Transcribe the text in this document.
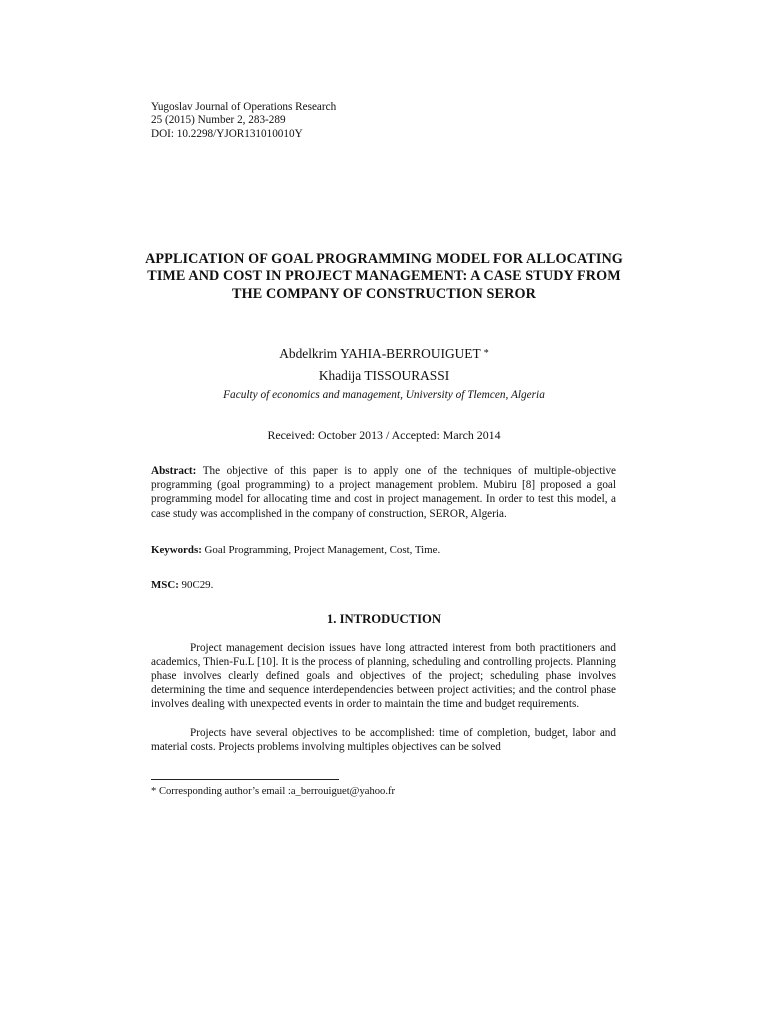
Yugoslav Journal of Operations Research
25 (2015) Number 2, 283-289
DOI: 10.2298/YJOR131010010Y
APPLICATION OF GOAL PROGRAMMING MODEL FOR ALLOCATING TIME AND COST IN PROJECT MANAGEMENT: A CASE STUDY FROM THE COMPANY OF CONSTRUCTION SEROR
Abdelkrim YAHIA-BERROUIGUET *
Khadija TISSOURASSI
Faculty of economics and management, University of Tlemcen, Algeria
Received: October 2013 / Accepted: March 2014
Abstract: The objective of this paper is to apply one of the techniques of multiple-objective programming (goal programming) to a project management problem. Mubiru [8] proposed a goal programming model for allocating time and cost in project management. In order to test this model, a case study was accomplished in the company of construction, SEROR, Algeria.
Keywords: Goal Programming, Project Management, Cost, Time.
MSC: 90C29.
1. INTRODUCTION
Project management decision issues have long attracted interest from both practitioners and academics, Thien-Fu.L [10]. It is the process of planning, scheduling and controlling projects. Planning phase involves clearly defined goals and objectives of the project; scheduling phase involves determining the time and sequence interdependencies between project activities; and the control phase involves dealing with unexpected events in order to maintain the time and budget requirements.
Projects have several objectives to be accomplished: time of completion, budget, labor and material costs. Projects problems involving multiples objectives can be solved
* Corresponding author’s email :a_berrouiguet@yahoo.fr
